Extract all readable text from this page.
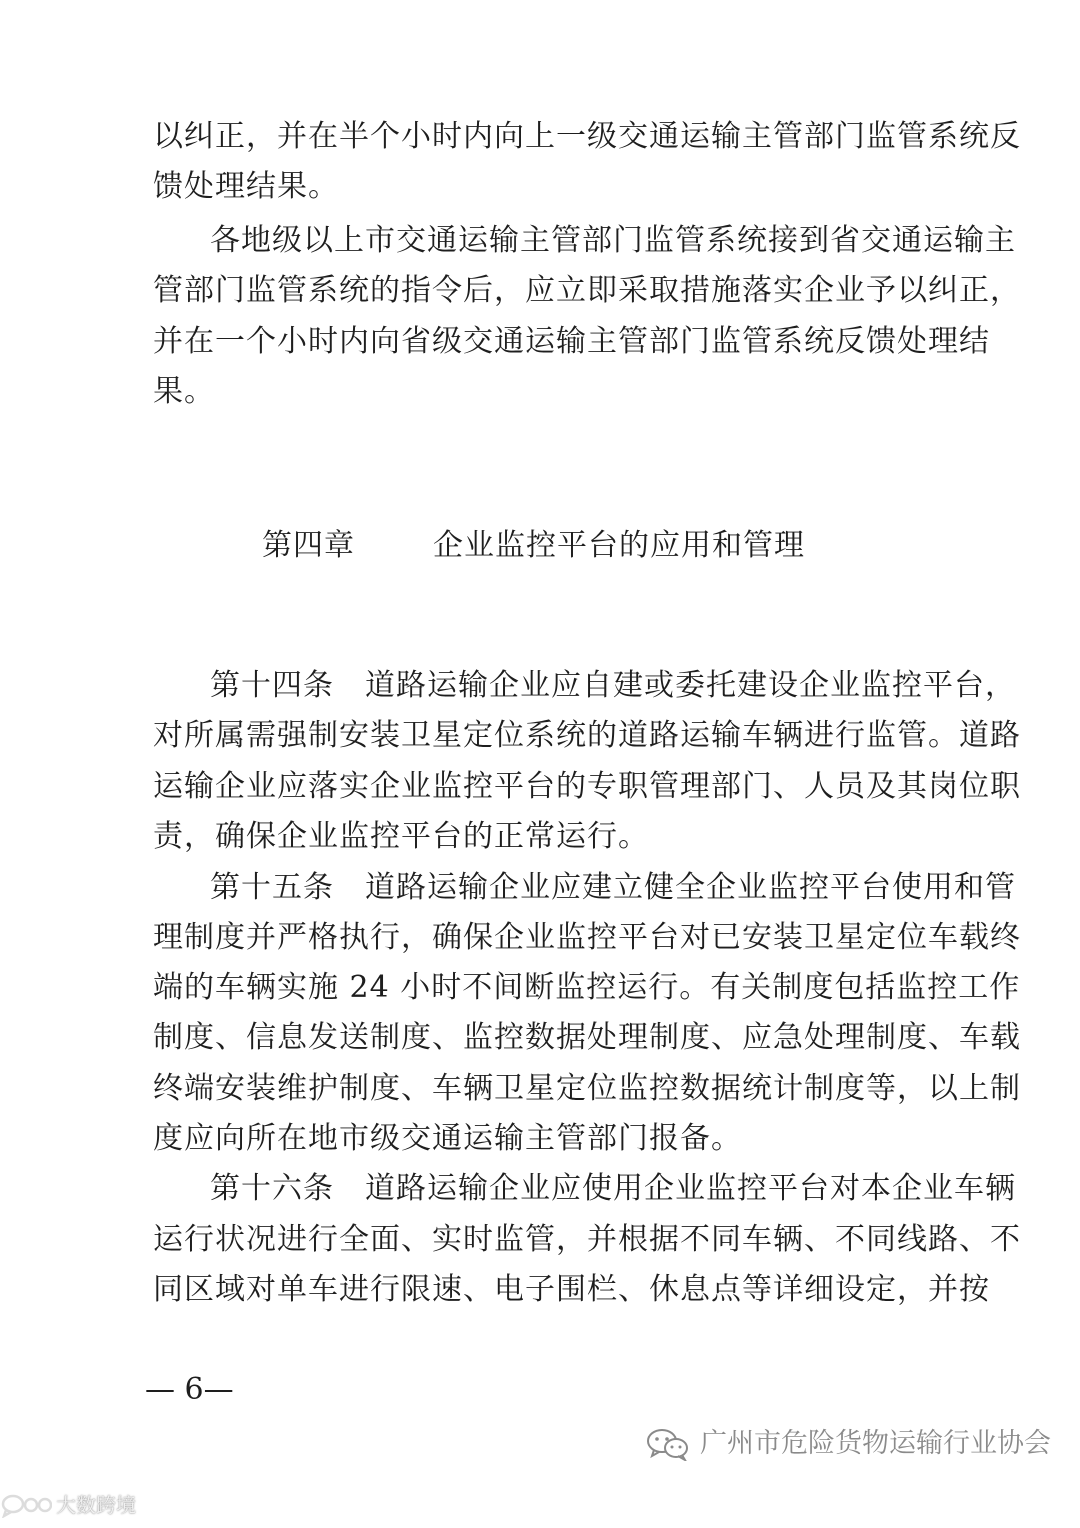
以纠正，并在半个小时内向上一级交通运输主管部门监管系统反
馈处理结果。
各地级以上市交通运输主管部门监管系统接到省交通运输主
管部门监管系统的指令后，应立即采取措施落实企业予以纠正，
并在一个小时内向省级交通运输主管部门监管系统反馈处理结
果。
第四章	企业监控平台的应用和管理
第十四条　道路运输企业应自建或委托建设企业监控平台，
对所属需强制安装卫星定位系统的道路运输车辆进行监管。道路
运输企业应落实企业监控平台的专职管理部门、人员及其岗位职
责，确保企业监控平台的正常运行。
第十五条　道路运输企业应建立健全企业监控平台使用和管
理制度并严格执行，确保企业监控平台对已安装卫星定位车载终
端的车辆实施 24 小时不间断监控运行。有关制度包括监控工作
制度、信息发送制度、监控数据处理制度、应急处理制度、车载
终端安装维护制度、车辆卫星定位监控数据统计制度等，以上制
度应向所在地市级交通运输主管部门报备。
第十六条　道路运输企业应使用企业监控平台对本企业车辆
运行状况进行全面、实时监管，并根据不同车辆、不同线路、不
同区域对单车进行限速、电子围栏、休息点等详细设定，并按
— 6—
广州市危险货物运输行业协会
大数跨境
